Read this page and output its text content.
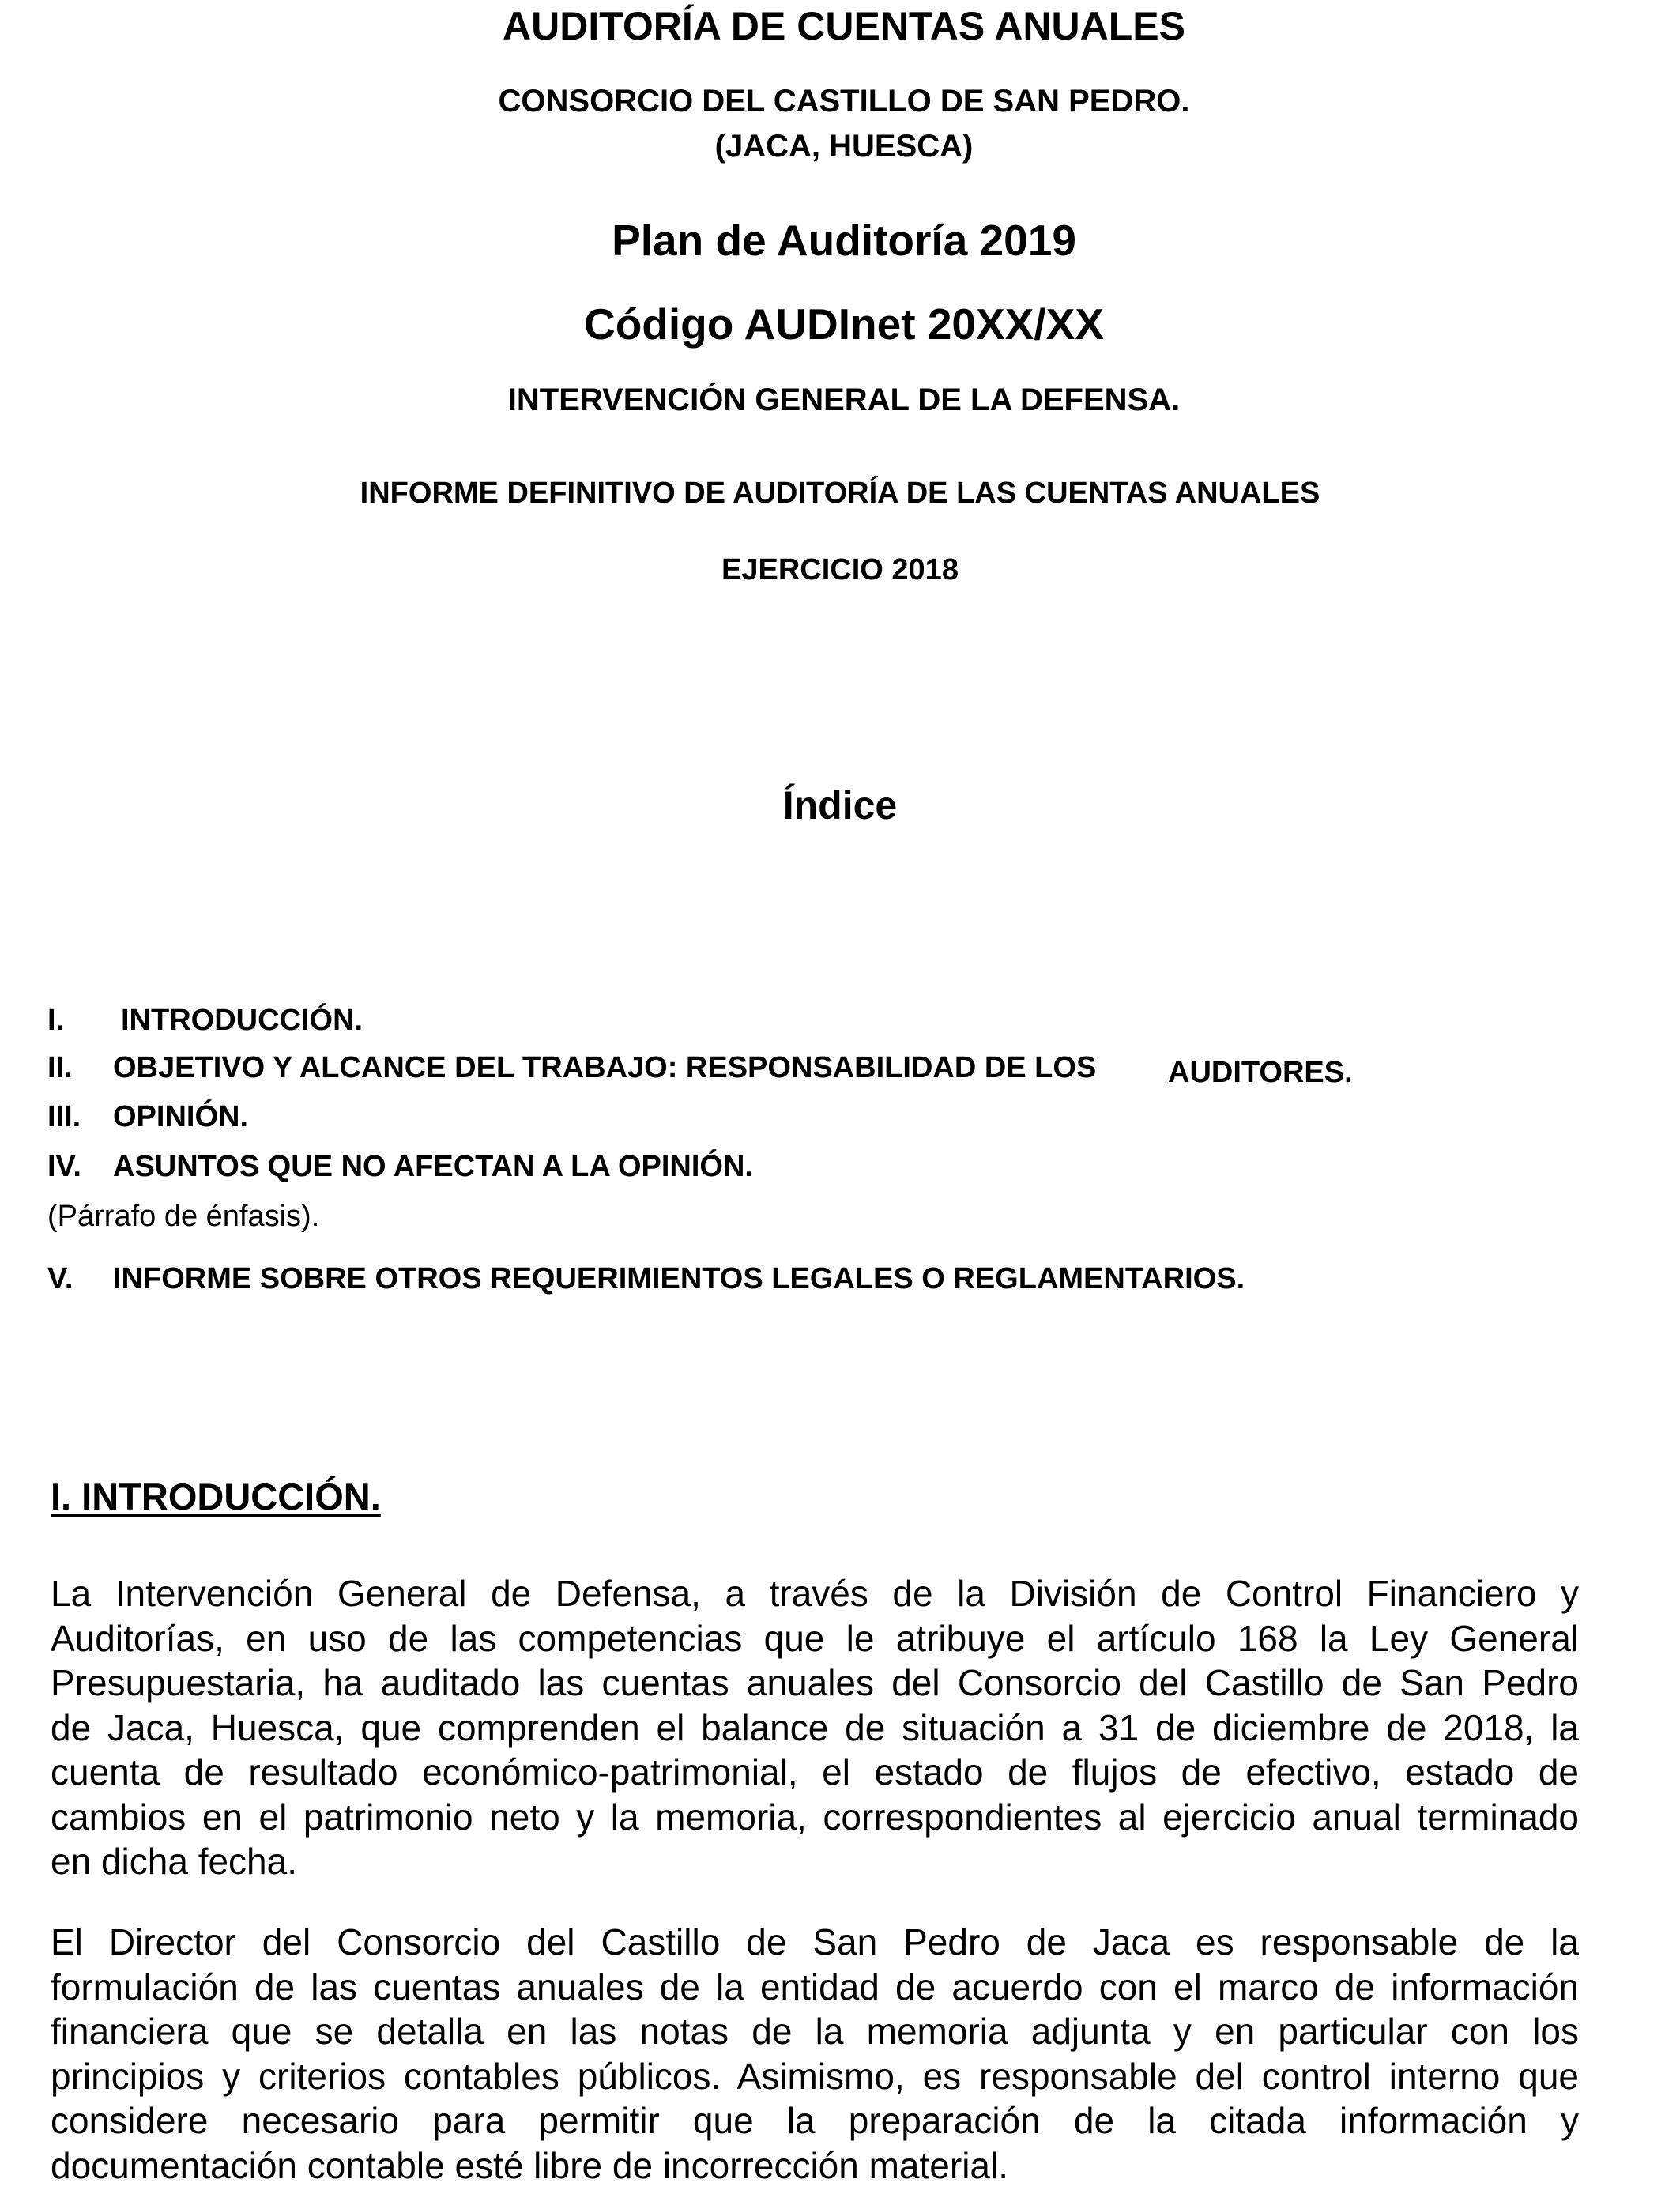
AUDITORÍA DE CUENTAS ANUALES
CONSORCIO DEL CASTILLO DE SAN PEDRO.
(JACA, HUESCA)
Plan de Auditoría 2019
Código AUDInet 20XX/XX
INTERVENCIÓN GENERAL DE LA DEFENSA.
INFORME DEFINITIVO DE AUDITORÍA DE LAS CUENTAS ANUALES
EJERCICIO 2018
Índice
I. INTRODUCCIÓN.
II. OBJETIVO Y ALCANCE DEL TRABAJO: RESPONSABILIDAD DE LOS AUDITORES.
III. OPINIÓN.
IV. ASUNTOS QUE NO AFECTAN A LA OPINIÓN.
(Párrafo de énfasis).
V. INFORME SOBRE OTROS REQUERIMIENTOS LEGALES O REGLAMENTARIOS.
I. INTRODUCCIÓN.
La Intervención General de Defensa, a través de la División de Control Financiero y
Auditorías, en uso de las competencias que le atribuye el artículo 168 la Ley General
Presupuestaria, ha auditado las cuentas anuales del Consorcio del Castillo de San Pedro
de Jaca, Huesca, que comprenden el balance de situación a 31 de diciembre de 2018, la
cuenta de resultado económico-patrimonial, el estado de flujos de efectivo, estado de
cambios en el patrimonio neto y la memoria, correspondientes al ejercicio anual terminado
en dicha fecha.
El Director del Consorcio del Castillo de San Pedro de Jaca es responsable de la
formulación de las cuentas anuales de la entidad de acuerdo con el marco de información
financiera que se detalla en las notas de la memoria adjunta y en particular con los
principios y criterios contables públicos. Asimismo, es responsable del control interno que
considere necesario para permitir que la preparación de la citada información y
documentación contable esté libre de incorrección material.
